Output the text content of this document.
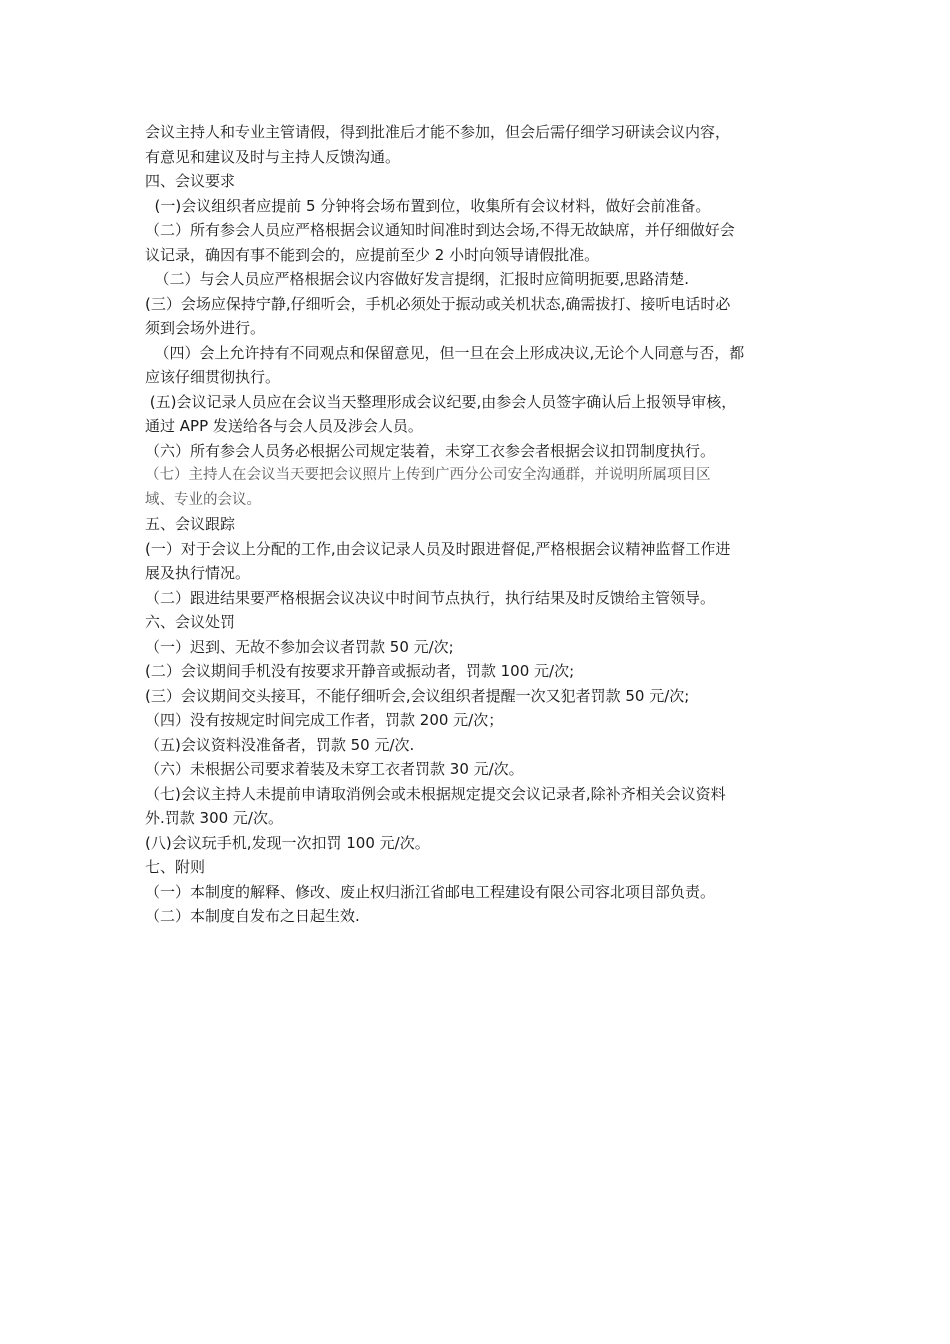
会议主持人和专业主管请假，得到批准后才能不参加，但会后需仔细学习研读会议内容，
有意见和建议及时与主持人反馈沟通。
四、会议要求
(一)会议组织者应提前 5 分钟将会场布置到位，收集所有会议材料，做好会前准备。
（二）所有参会人员应严格根据会议通知时间准时到达会场,不得无故缺席，并仔细做好会
议记录，确因有事不能到会的，应提前至少 2 小时向领导请假批准。
（二）与会人员应严格根据会议内容做好发言提纲，汇报时应简明扼要,思路清楚.
(三）会场应保持宁静,仔细听会，手机必须处于振动或关机状态,确需拔打、接听电话时必
须到会场外进行。
（四）会上允许持有不同观点和保留意见，但一旦在会上形成决议,无论个人同意与否，都
应该仔细贯彻执行。
(五)会议记录人员应在会议当天整理形成会议纪要,由参会人员签字确认后上报领导审核，
通过 APP 发送给各与会人员及涉会人员。
（六）所有参会人员务必根据公司规定装着，未穿工衣参会者根据会议扣罚制度执行。
（七）主持人在会议当天要把会议照片上传到广西分公司安全沟通群，并说明所属项目区
域、专业的会议。
五、会议跟踪
(一）对于会议上分配的工作,由会议记录人员及时跟进督促,严格根据会议精神监督工作进
展及执行情况。
（二）跟进结果要严格根据会议决议中时间节点执行，执行结果及时反馈给主管领导。
六、会议处罚
（一）迟到、无故不参加会议者罚款 50 元/次;
(二）会议期间手机没有按要求开静音或振动者，罚款 100 元/次;
(三）会议期间交头接耳，不能仔细听会,会议组织者提醒一次又犯者罚款 50 元/次;
（四）没有按规定时间完成工作者，罚款 200 元/次；
（五)会议资料没准备者，罚款 50 元/次.
（六）未根据公司要求着装及未穿工衣者罚款 30 元/次。
（七)会议主持人未提前申请取消例会或未根据规定提交会议记录者,除补齐相关会议资料
外.罚款 300 元/次。
(八)会议玩手机,发现一次扣罚 100 元/次。
七、附则
（一）本制度的解释、修改、废止权归浙江省邮电工程建设有限公司容北项目部负责。
（二）本制度自发布之日起生效.
